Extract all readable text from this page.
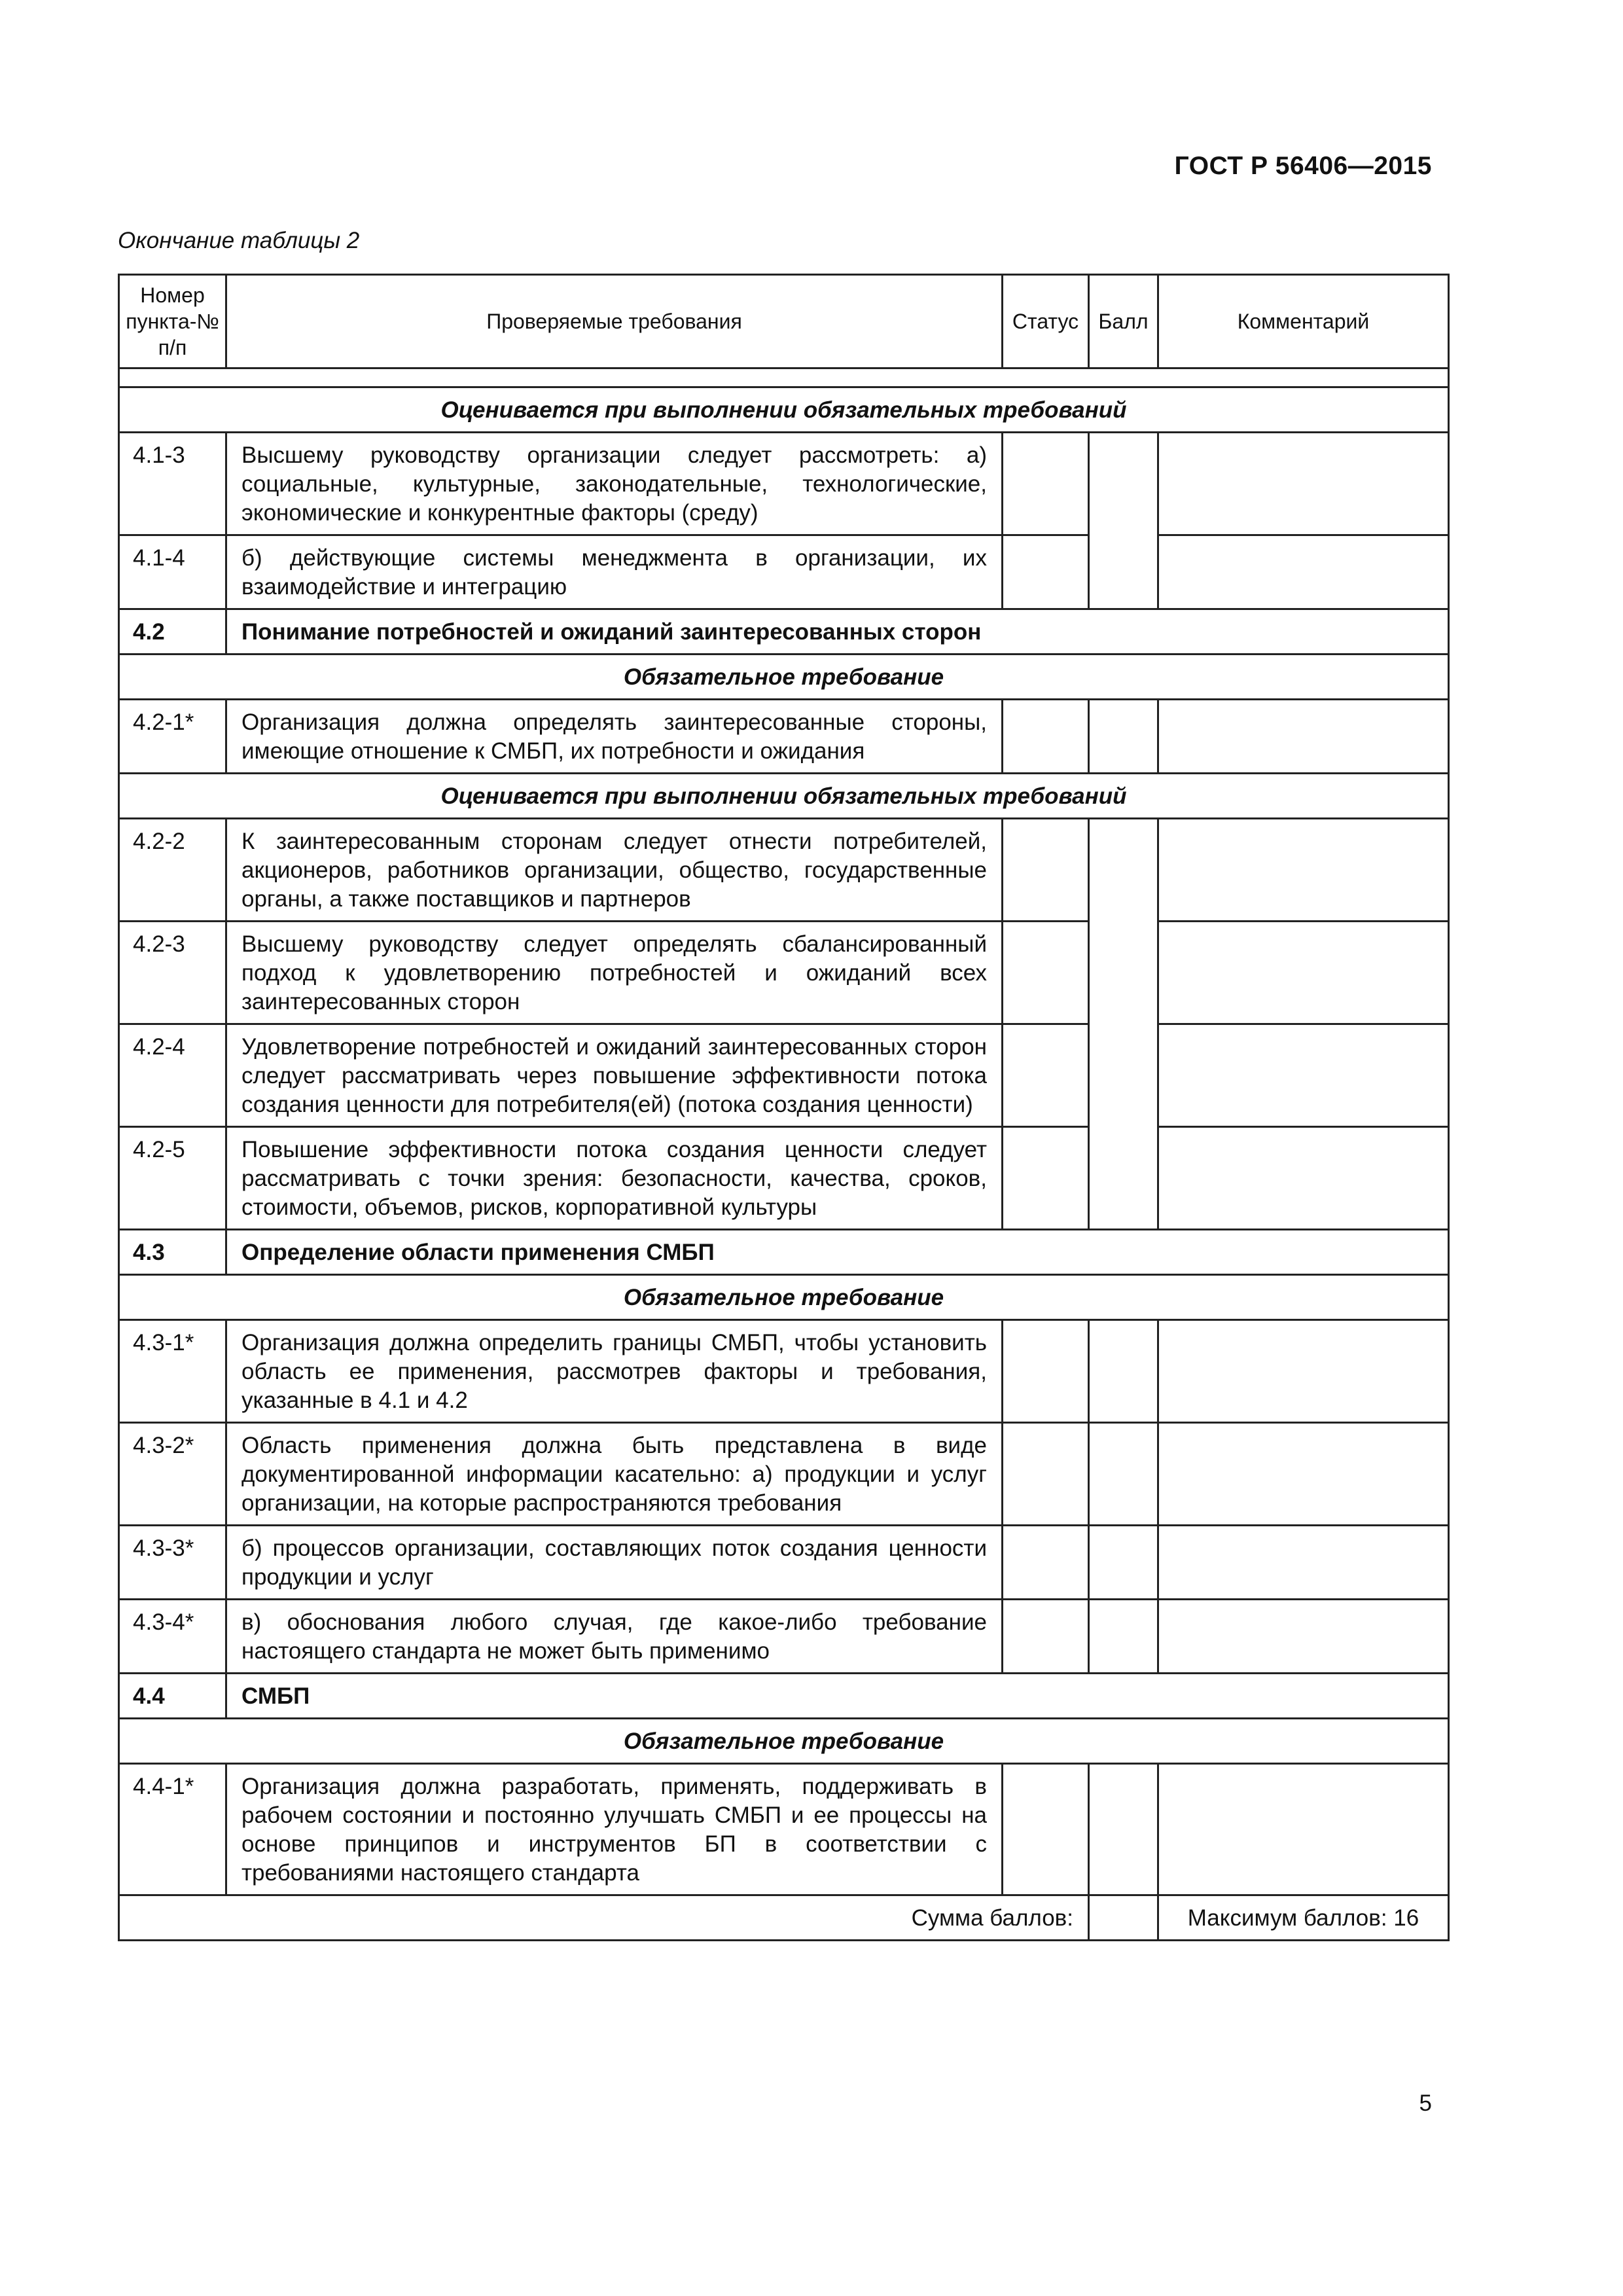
ГОСТ Р 56406—2015
Окончание таблицы 2
Номер пункта-№ п/п	Проверяемые требования	Статус	Балл	Комментарий

Оценивается при выполнении обязательных требований				
4.1-3	Высшему руководству организации следует рассмотреть: а) социальные, культурные, законодательные, технологические, экономические и конкурентные факторы (среду)			
4.1-4	б) действующие системы менеджмента в организации, их взаимодействие и интеграцию			
4.2	Понимание потребностей и ожиданий заинтересованных сторон			
Обязательное требование				
4.2-1*	Организация должна определять заинтересованные стороны, имеющие отношение к СМБП, их потребности и ожидания			
Оценивается при выполнении обязательных требований				
4.2-2	К заинтересованным сторонам следует отнести потребителей, акционеров, работников организации, общество, государственные органы, а также поставщиков и партнеров			
4.2-3	Высшему руководству следует определять сбалансированный подход к удовлетворению потребностей и ожиданий всех заинтересованных сторон			
4.2-4	Удовлетворение потребностей и ожиданий заинтересованных сторон следует рассматривать через повышение эффективности потока создания ценности для потребителя(ей) (потока создания ценности)			
4.2-5	Повышение эффективности потока создания ценности следует рассматривать с точки зрения: безопасности, качества, сроков, стоимости, объемов, рисков, корпоративной культуры			
4.3	Определение области применения СМБП			
Обязательное требование				
4.3-1*	Организация должна определить границы СМБП, чтобы установить область ее применения, рассмотрев факторы и требования, указанные в 4.1 и 4.2			
4.3-2*	Область применения должна быть представлена в виде документированной информации касательно: а) продукции и услуг организации, на которые распространяются требования			
4.3-3*	б) процессов организации, составляющих поток создания ценности продукции и услуг			
4.3-4*	в) обоснования любого случая, где какое-либо требование настоящего стандарта не может быть применимо			
4.4	СМБП			
Обязательное требование				
4.4-1*	Организация должна разработать, применять, поддерживать в рабочем состоянии и постоянно улучшать СМБП и ее процессы на основе принципов и инструментов БП в соответствии с требованиями настоящего стандарта			
Сумма баллов:				Максимум баллов: 16
5
